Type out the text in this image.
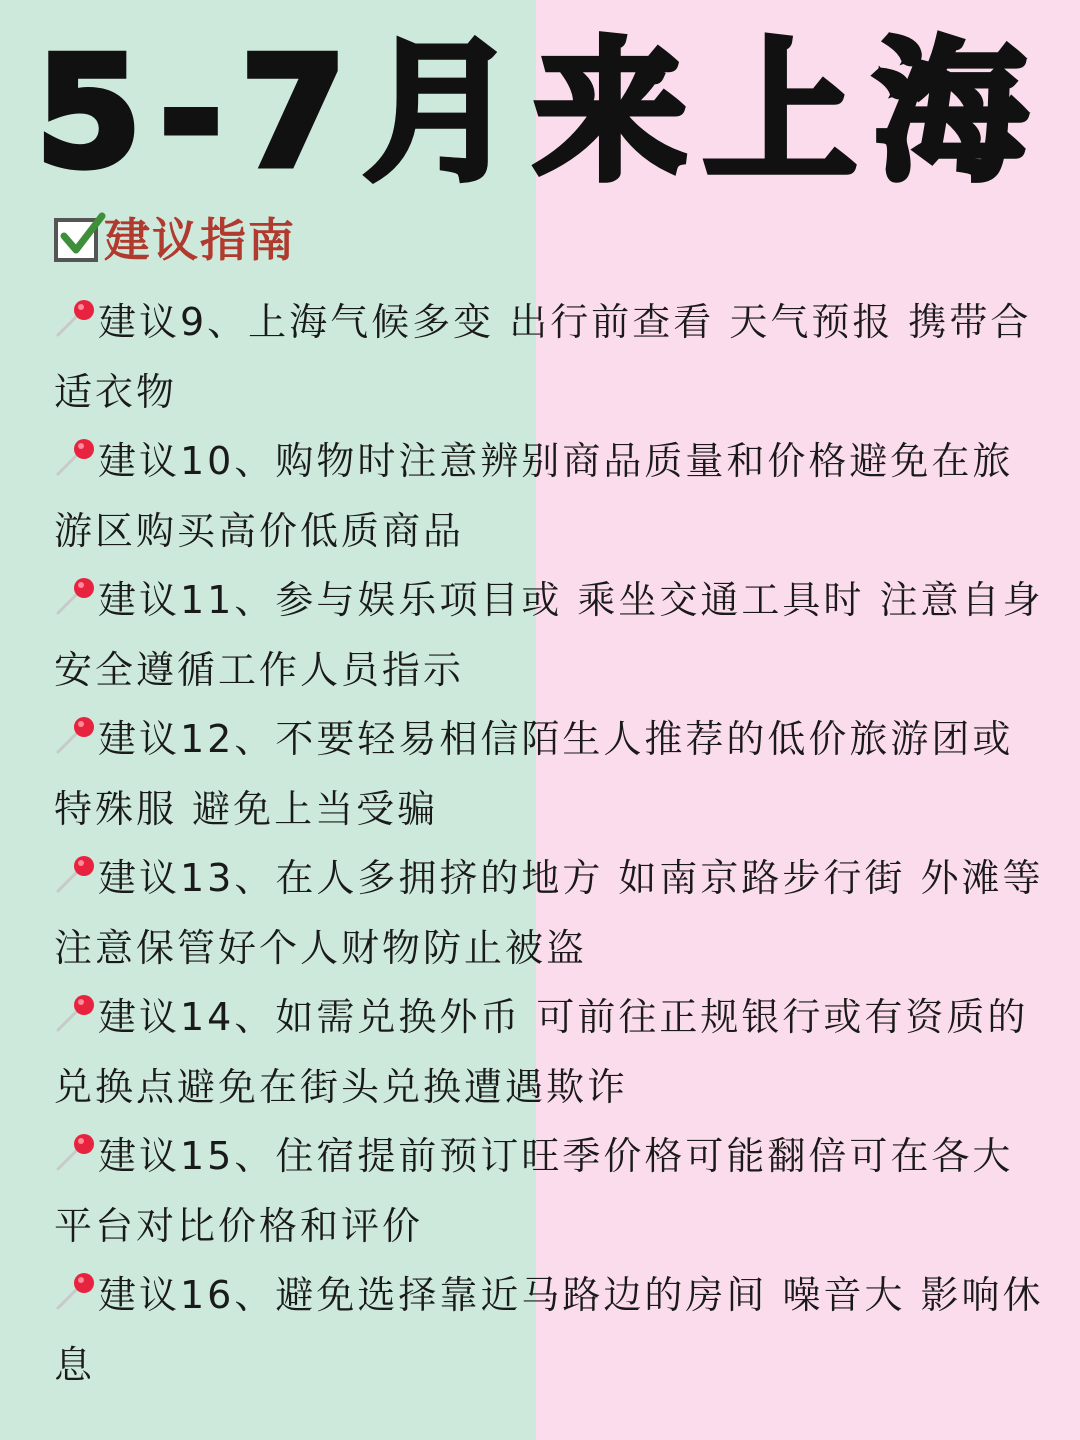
5-7月来上海
建议指南
建议9、上海气候多变 出行前查看 天气预报 携带合适衣物
建议10、购物时注意辨别商品质量和价格避免在旅游区购买高价低质商品
建议11、参与娱乐项目或 乘坐交通工具时 注意自身安全遵循工作人员指示
建议12、不要轻易相信陌生人推荐的低价旅游团或特殊服 避免上当受骗
建议13、在人多拥挤的地方 如南京路步行街 外滩等 注意保管好个人财物防止被盗
建议14、如需兑换外币 可前往正规银行或有资质的兑换点避免在街头兑换遭遇欺诈
建议15、住宿提前预订旺季价格可能翻倍可在各大平台对比价格和评价
建议16、避免选择靠近马路边的房间 噪音大 影响休息
